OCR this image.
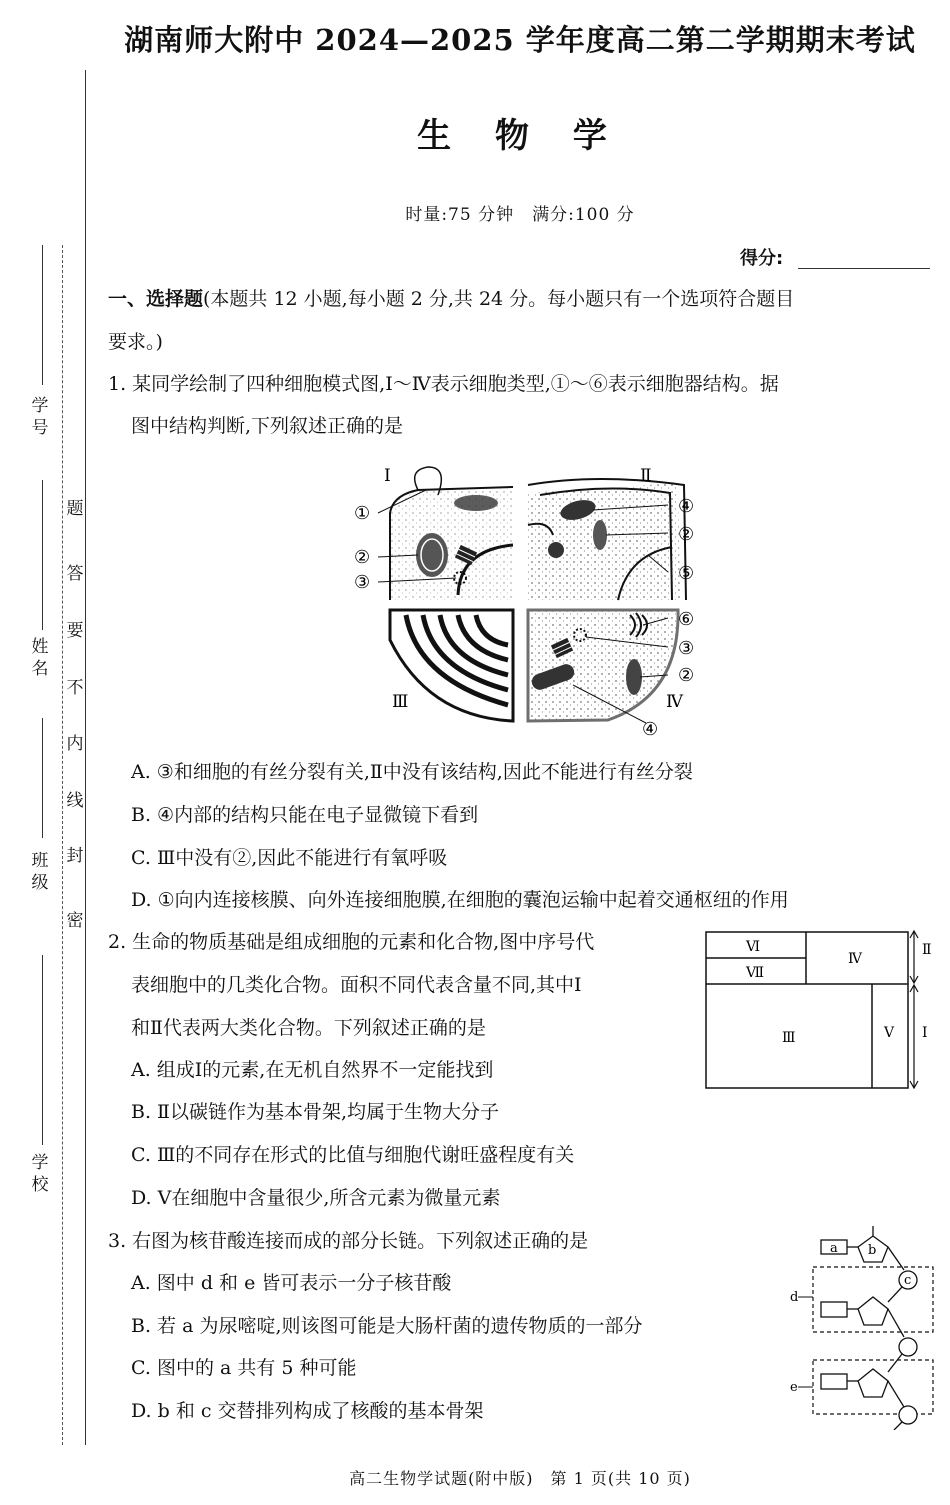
学 号
姓 名
班 级
学 校
密
封
线
内
不
要
答
题
湖南师大附中 2024—2025 学年度高二第二学期期末考试
生 物 学
时量:75 分钟　满分:100 分
得分:
一、选择题(本题共 12 小题,每小题 2 分,共 24 分。每小题只有一个选项符合题目
要求。)
1. 某同学绘制了四种细胞模式图,Ⅰ～Ⅳ表示细胞类型,①～⑥表示细胞器结构。据
图中结构判断,下列叙述正确的是
Ⅰ	Ⅱ
Ⅲ	Ⅳ
①
②
③
④
②
⑤
⑥
③
②
④
A. ③和细胞的有丝分裂有关,Ⅱ中没有该结构,因此不能进行有丝分裂
B. ④内部的结构只能在电子显微镜下看到
C. Ⅲ中没有②,因此不能进行有氧呼吸
D. ①向内连接核膜、向外连接细胞膜,在细胞的囊泡运输中起着交通枢纽的作用
2. 生命的物质基础是组成细胞的元素和化合物,图中序号代
表细胞中的几类化合物。面积不同代表含量不同,其中Ⅰ
和Ⅱ代表两大类化合物。下列叙述正确的是
Ⅵ
Ⅶ
Ⅳ
Ⅲ	Ⅴ
Ⅱ
Ⅰ
A. 组成Ⅰ的元素,在无机自然界不一定能找到
B. Ⅱ以碳链作为基本骨架,均属于生物大分子
C. Ⅲ的不同存在形式的比值与细胞代谢旺盛程度有关
D. Ⅴ在细胞中含量很少,所含元素为微量元素
3. 右图为核苷酸连接而成的部分长链。下列叙述正确的是
A. 图中 d 和 e 皆可表示一分子核苷酸
B. 若 a 为尿嘧啶,则该图可能是大肠杆菌的遗传物质的一部分
C. 图中的 a 共有 5 种可能
D. b 和 c 交替排列构成了核酸的基本骨架
a b
c
d
e
高二生物学试题(附中版)　第 1 页(共 10 页)
